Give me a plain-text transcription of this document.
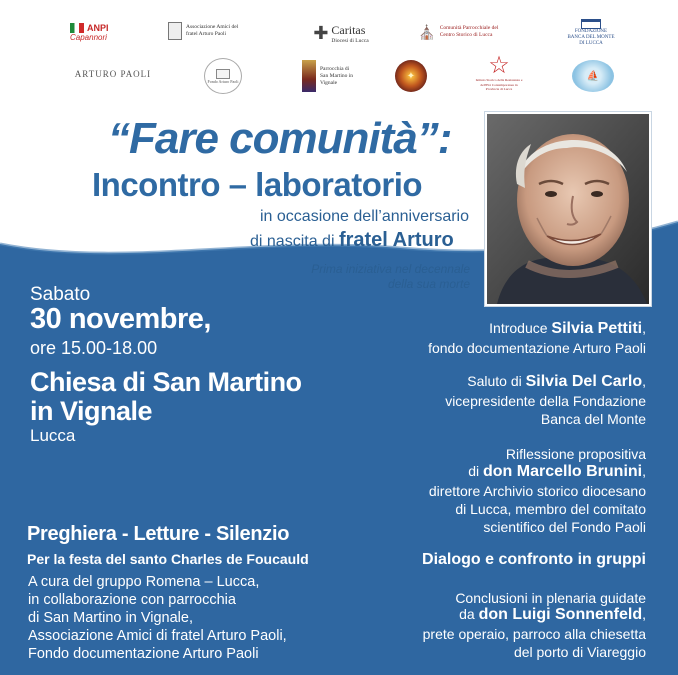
ANPI
Capannori
Associazione Amici del fratel Arturo Paoli	✚ Caritas
Diocesi di Lucca
⛪ Comunità Parrocchiale del Centro Storico di Lucca
FONDAZIONE BANCA DEL MONTE DI LUCCA
ARTURO PAOLI
Fondo Arturo Paoli
Parrocchia di San Martino in Vignale
✦	☆
Istituto Storico della Resistenza e dell'Età Contemporanea in Provincia di Lucca
⛵
“Fare comunità”:
Incontro – laboratorio
in occasione dell’anniversario
di nascita di fratel Arturo
Prima iniziativa nel decennale
della sua morte
Sabato
30 novembre,
ore 15.00-18.00
Chiesa di San Martino
in Vignale
Lucca
Preghiera - Letture - Silenzio
Per la festa del santo Charles de Foucauld
A cura del gruppo Romena – Lucca,
in collaborazione con parrocchia
di San Martino in Vignale,
Associazione Amici di fratel Arturo Paoli,
Fondo documentazione Arturo Paoli
Introduce Silvia Pettiti,
fondo documentazione Arturo Paoli
Saluto di Silvia Del Carlo,
vicepresidente della Fondazione
Banca del Monte
Riflessione propositiva
di don Marcello Brunini,
direttore Archivio storico diocesano
di Lucca, membro del comitato
scientifico del Fondo Paoli
Dialogo e confronto in gruppi
Conclusioni in plenaria guidate
da don Luigi Sonnenfeld,
prete operaio, parroco alla chiesetta
del porto di Viareggio
